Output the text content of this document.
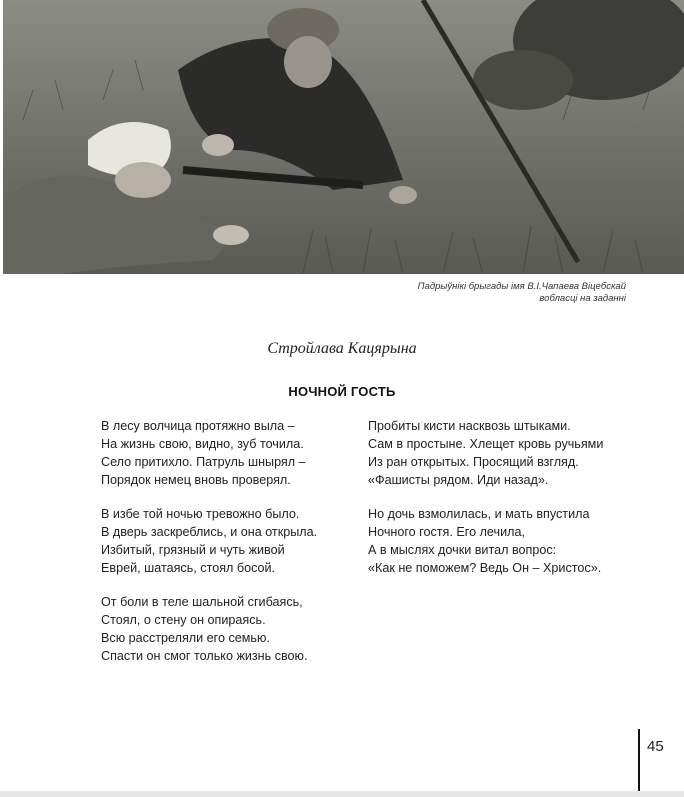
Падрыўнікі брыгады імя В.І.Чапаева Віцебскай
вобласці на заданні
Стройлава Кацярына
НОЧНОЙ ГОСТЬ
В лесу волчица протяжно выла –
На жизнь свою, видно, зуб точила.
Село притихло. Патруль шнырял –
Порядок немец вновь проверял.
В избе той ночью тревожно было.
В дверь заскреблись, и она открыла.
Избитый, грязный и чуть живой
Еврей, шатаясь, стоял босой.
От боли в теле шальной сгибаясь,
Стоял, о стену он опираясь.
Всю расстреляли его семью.
Спасти он смог только жизнь свою.
Пробиты кисти насквозь штыками.
Сам в простыне. Хлещет кровь ручьями
Из ран открытых. Просящий взгляд.
«Фашисты рядом. Иди назад».
Но дочь взмолилась, и мать впустила
Ночного гостя. Его лечила,
А в мыслях дочки витал вопрос:
«Как не поможем? Ведь Он – Христос».
45
